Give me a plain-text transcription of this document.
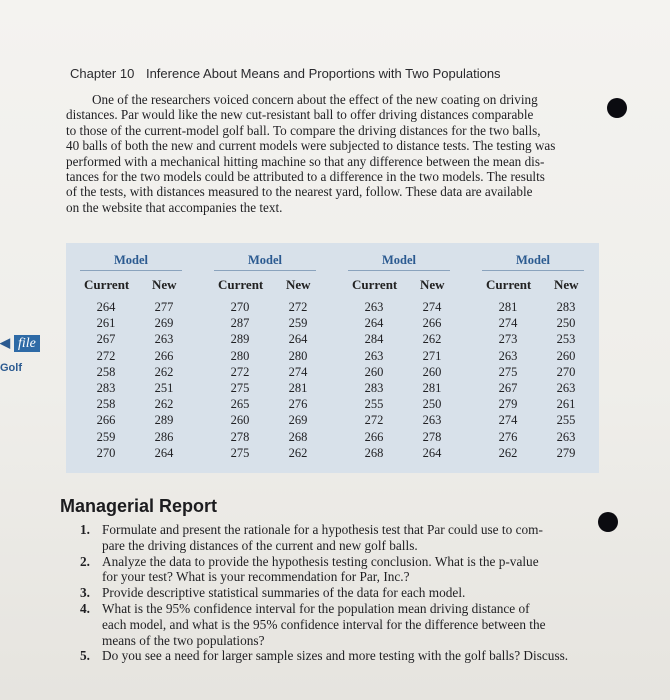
Chapter 10 Inference About Means and Proportions with Two Populations

One of the researchers voiced concern about the effect of the new coating on driving
distances. Par would like the new cut-resistant ball to offer driving distances comparable
to those of the current-model golf ball. To compare the driving distances for the two balls,
40 balls of both the new and current models were subjected to distance tests. The testing was
performed with a mechanical hitting machine so that any difference between the mean dis-
tances for the two models could be attributed to a difference in the two models. The results
of the tests, with distances measured to the nearest yard, follow. These data are available
on the website that accompanies the text.

◀ file
Golf
Model
Current New
264
261
267
272
258
283
258
266
259
270
277
269
263
266
262
251
262
289
286
264
Model
Current New
270
287
289
280
272
275
265
260
278
275
272
259
264
280
274
281
276
269
268
262
Model
Current New
263
264
284
263
260
283
255
272
266
268
274
266
262
271
260
281
250
263
278
264
Model
Current New
281
274
273
263
275
267
279
274
276
262
283
250
253
260
270
263
261
255
263
279
Managerial Report
1. Formulate and present the rationale for a hypothesis test that Par could use to com-
pare the driving distances of the current and new golf balls.
2. Analyze the data to provide the hypothesis testing conclusion. What is the p-value
for your test? What is your recommendation for Par, Inc.?
3. Provide descriptive statistical summaries of the data for each model.
4. What is the 95% confidence interval for the population mean driving distance of
each model, and what is the 95% confidence interval for the difference between the
means of the two populations?
5. Do you see a need for larger sample sizes and more testing with the golf balls? Discuss.
